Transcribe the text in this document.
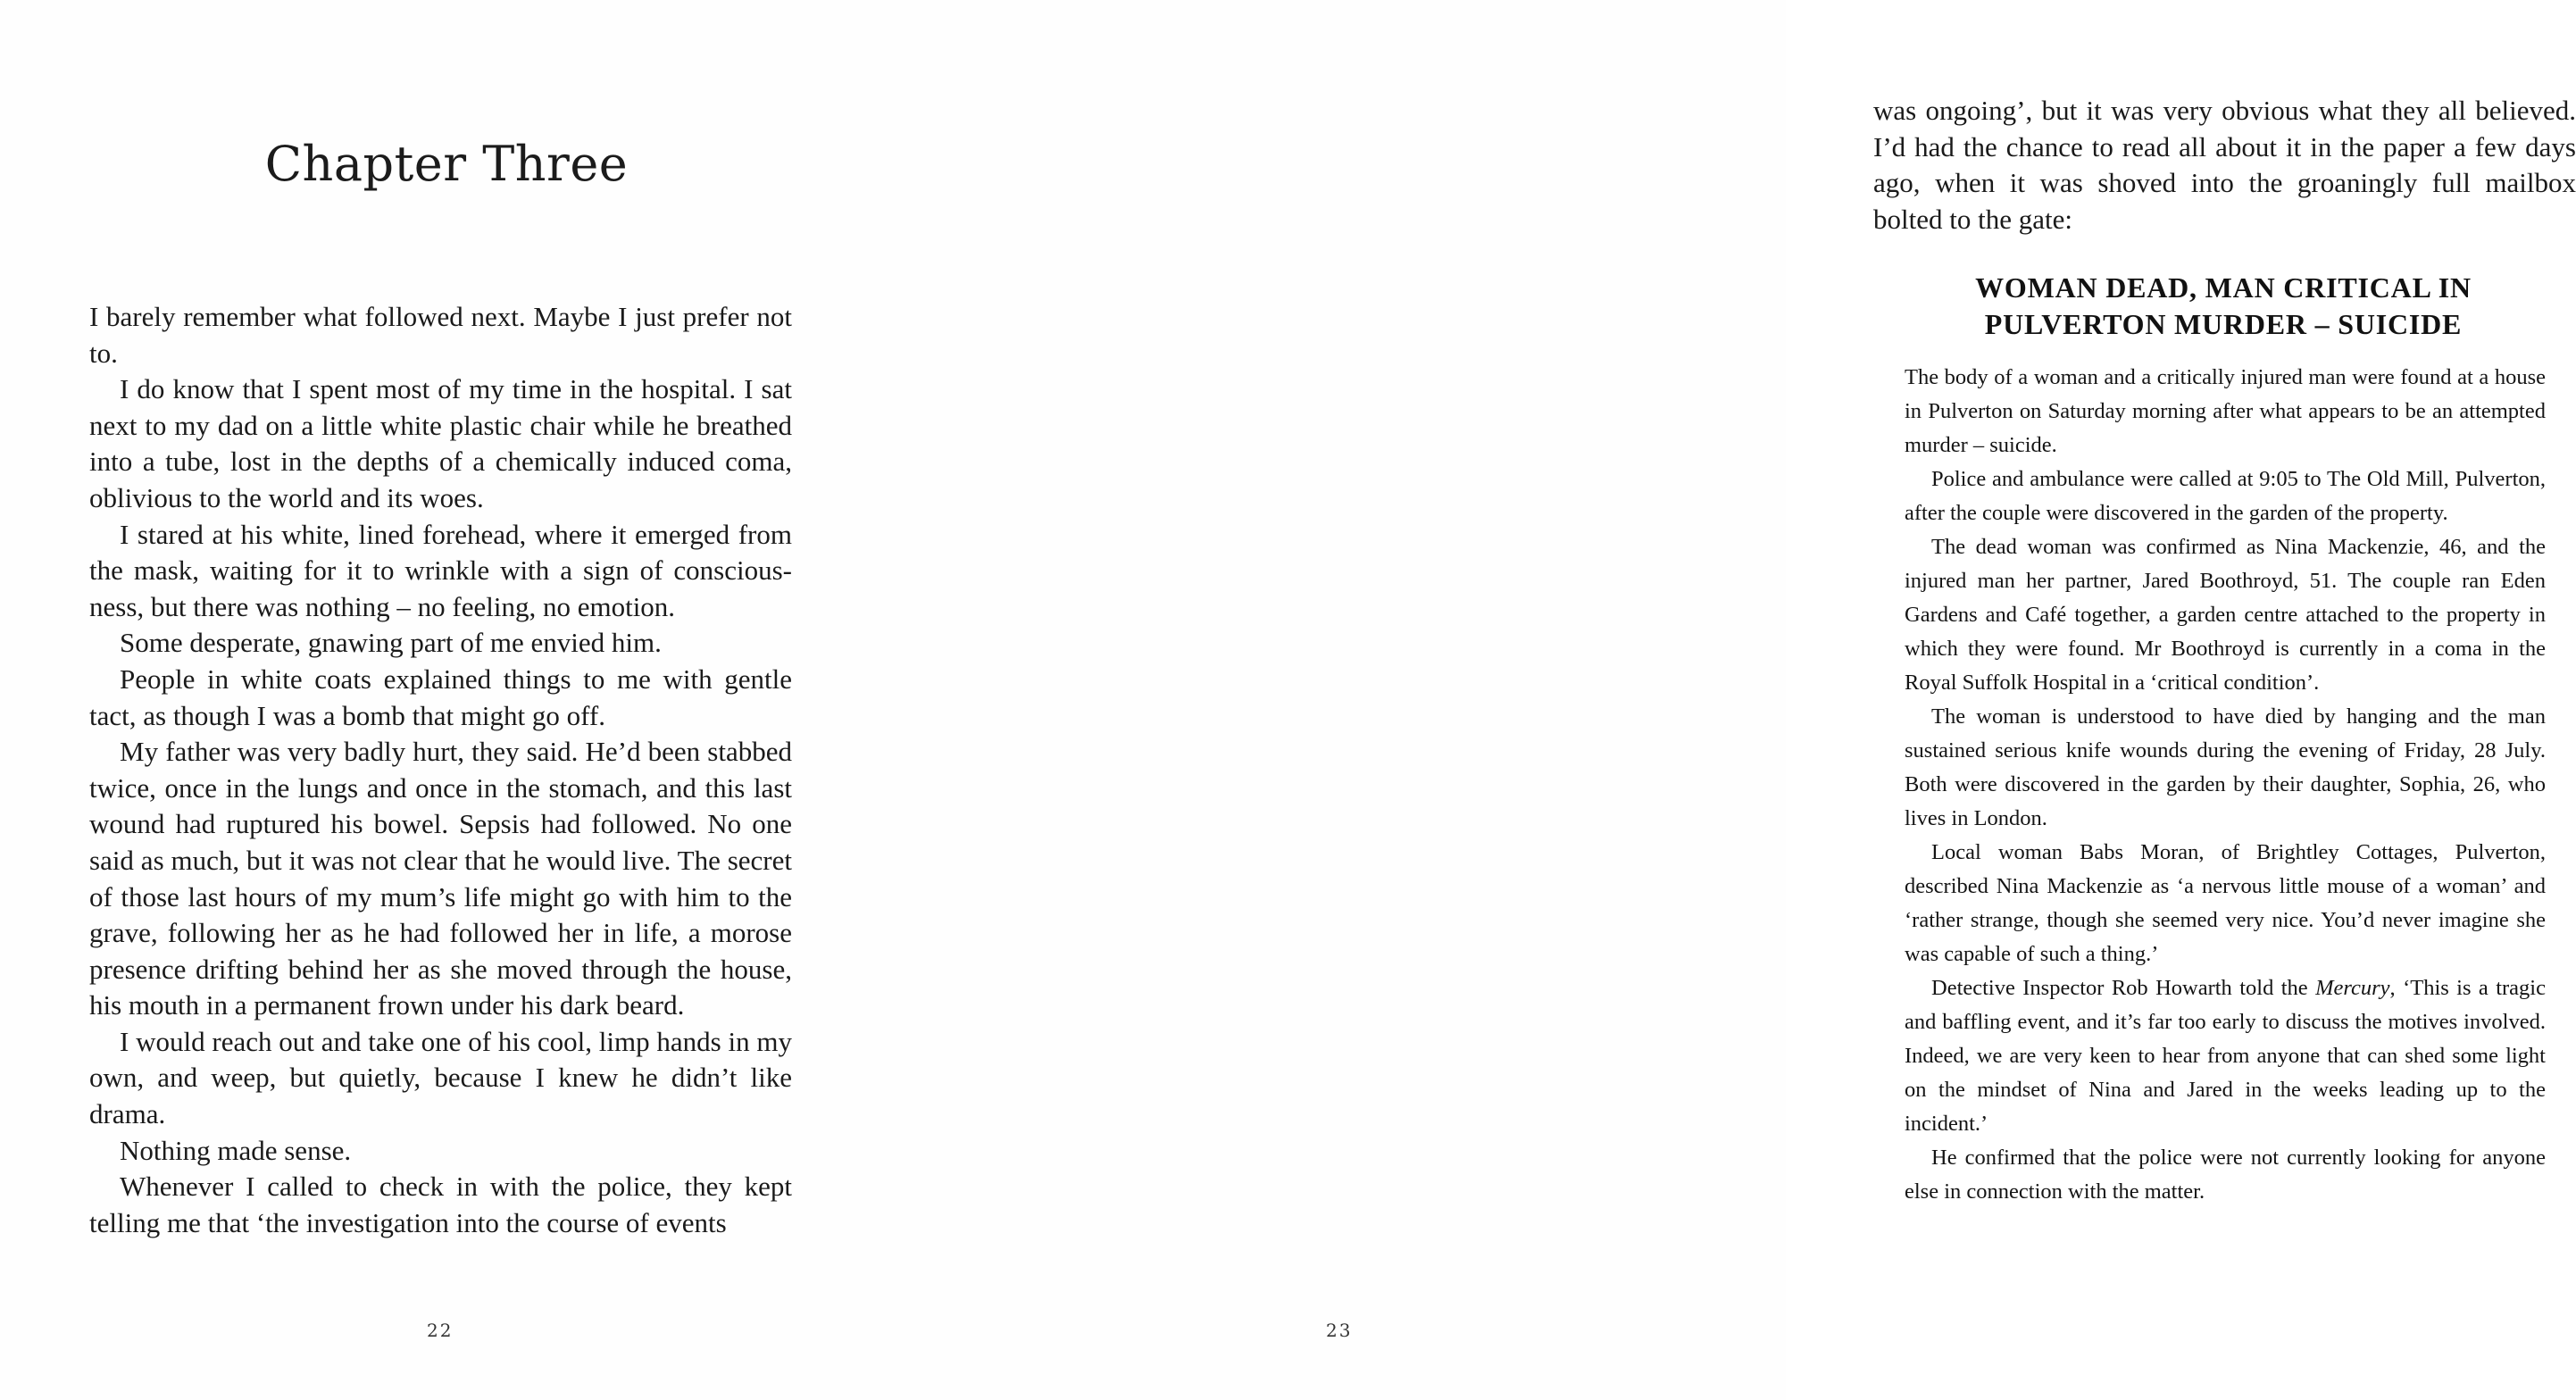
Chapter Three

I barely remember what followed next. Maybe I just prefer not to.

I do know that I spent most of my time in the hospital. I sat next to my dad on a little white plastic chair while he breathed into a tube, lost in the depths of a chemically induced coma, oblivious to the world and its woes.

I stared at his white, lined forehead, where it emerged from the mask, waiting for it to wrinkle with a sign of consciousness, but there was nothing – no feeling, no emotion.

Some desperate, gnawing part of me envied him.

People in white coats explained things to me with gentle tact, as though I was a bomb that might go off.

My father was very badly hurt, they said. He’d been stabbed twice, once in the lungs and once in the stomach, and this last wound had ruptured his bowel. Sepsis had followed. No one said as much, but it was not clear that he would live. The secret of those last hours of my mum’s life might go with him to the grave, following her as he had followed her in life, a morose presence drifting behind her as she moved through the house, his mouth in a permanent frown under his dark beard.

I would reach out and take one of his cool, limp hands in my own, and weep, but quietly, because I knew he didn’t like drama.

Nothing made sense.

Whenever I called to check in with the police, they kept telling me that ‘the investigation into the course of events

22

was ongoing’, but it was very obvious what they all believed. I’d had the chance to read all about it in the paper a few days ago, when it was shoved into the groaningly full mailbox bolted to the gate:

WOMAN DEAD, MAN CRITICAL IN PULVERTON MURDER – SUICIDE

The body of a woman and a critically injured man were found at a house in Pulverton on Saturday morning after what appears to be an attempted murder – suicide.

Police and ambulance were called at 9:05 to The Old Mill, Pulverton, after the couple were discovered in the garden of the property.

The dead woman was confirmed as Nina Mackenzie, 46, and the injured man her partner, Jared Boothroyd, 51. The couple ran Eden Gardens and Café together, a garden centre attached to the property in which they were found. Mr Boothroyd is currently in a coma in the Royal Suffolk Hospital in a ‘critical condition’.

The woman is understood to have died by hanging and the man sustained serious knife wounds during the evening of Friday, 28 July. Both were discovered in the garden by their daughter, Sophia, 26, who lives in London.

Local woman Babs Moran, of Brightley Cottages, Pulverton, described Nina Mackenzie as ‘a nervous little mouse of a woman’ and ‘rather strange, though she seemed very nice. You’d never imagine she was capable of such a thing.’

Detective Inspector Rob Howarth told the Mercury, ‘This is a tragic and baffling event, and it’s far too early to discuss the motives involved. Indeed, we are very keen to hear from anyone that can shed some light on the mindset of Nina and Jared in the weeks leading up to the incident.’

He confirmed that the police were not currently looking for anyone else in connection with the matter.

23
